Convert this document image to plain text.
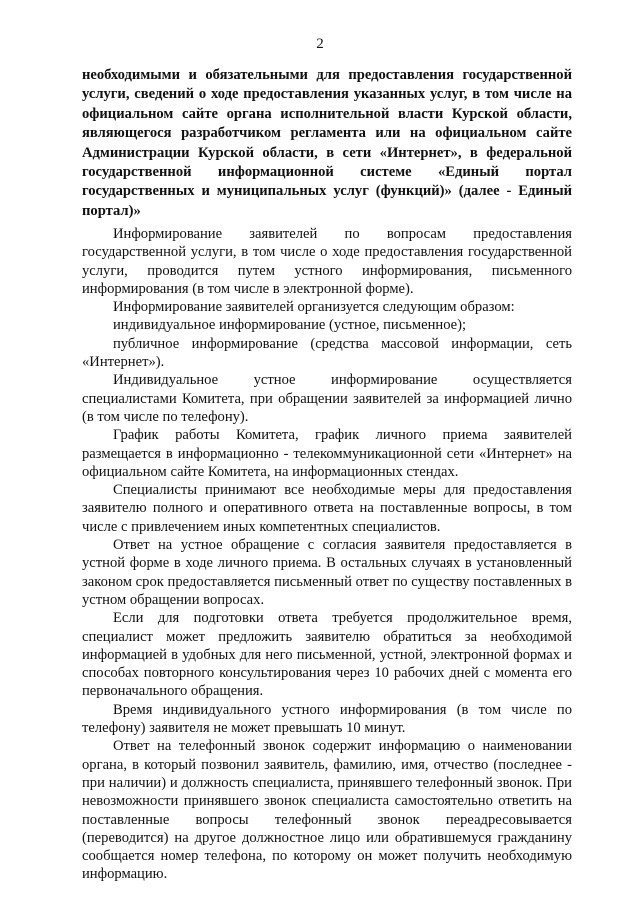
2
необходимыми и обязательными для предоставления государственной услуги, сведений о ходе предоставления указанных услуг, в том числе на официальном сайте органа исполнительной власти Курской области, являющегося разработчиком регламента или на официальном сайте Администрации Курской области, в сети «Интернет», в федеральной государственной информационной системе «Единый портал государственных и муниципальных услуг (функций)» (далее - Единый портал)»

Информирование заявителей по вопросам предоставления государственной услуги, в том числе о ходе предоставления государственной услуги, проводится путем устного информирования, письменного информирования (в том числе в электронной форме).

Информирование заявителей организуется следующим образом:

индивидуальное информирование (устное, письменное);

публичное информирование (средства массовой информации, сеть «Интернет»).

Индивидуальное устное информирование осуществляется специалистами Комитета, при обращении заявителей за информацией лично (в том числе по телефону).

График работы Комитета, график личного приема заявителей размещается в информационно - телекоммуникационной сети «Интернет» на официальном сайте Комитета, на информационных стендах.

Специалисты принимают все необходимые меры для предоставления заявителю полного и оперативного ответа на поставленные вопросы, в том числе с привлечением иных компетентных специалистов.

Ответ на устное обращение с согласия заявителя предоставляется в устной форме в ходе личного приема. В остальных случаях в установленный законом срок предоставляется письменный ответ по существу поставленных в устном обращении вопросах.

Если для подготовки ответа требуется продолжительное время, специалист может предложить заявителю обратиться за необходимой информацией в удобных для него письменной, устной, электронной формах и способах повторного консультирования через 10 рабочих дней с момента его первоначального обращения.

Время индивидуального устного информирования (в том числе по телефону) заявителя не может превышать 10 минут.

Ответ на телефонный звонок содержит информацию о наименовании органа, в который позвонил заявитель, фамилию, имя, отчество (последнее - при наличии) и должность специалиста, принявшего телефонный звонок. При невозможности принявшего звонок специалиста самостоятельно ответить на поставленные вопросы телефонный звонок переадресовывается (переводится) на другое должностное лицо или обратившемуся гражданину сообщается номер телефона, по которому он может получить необходимую информацию.
